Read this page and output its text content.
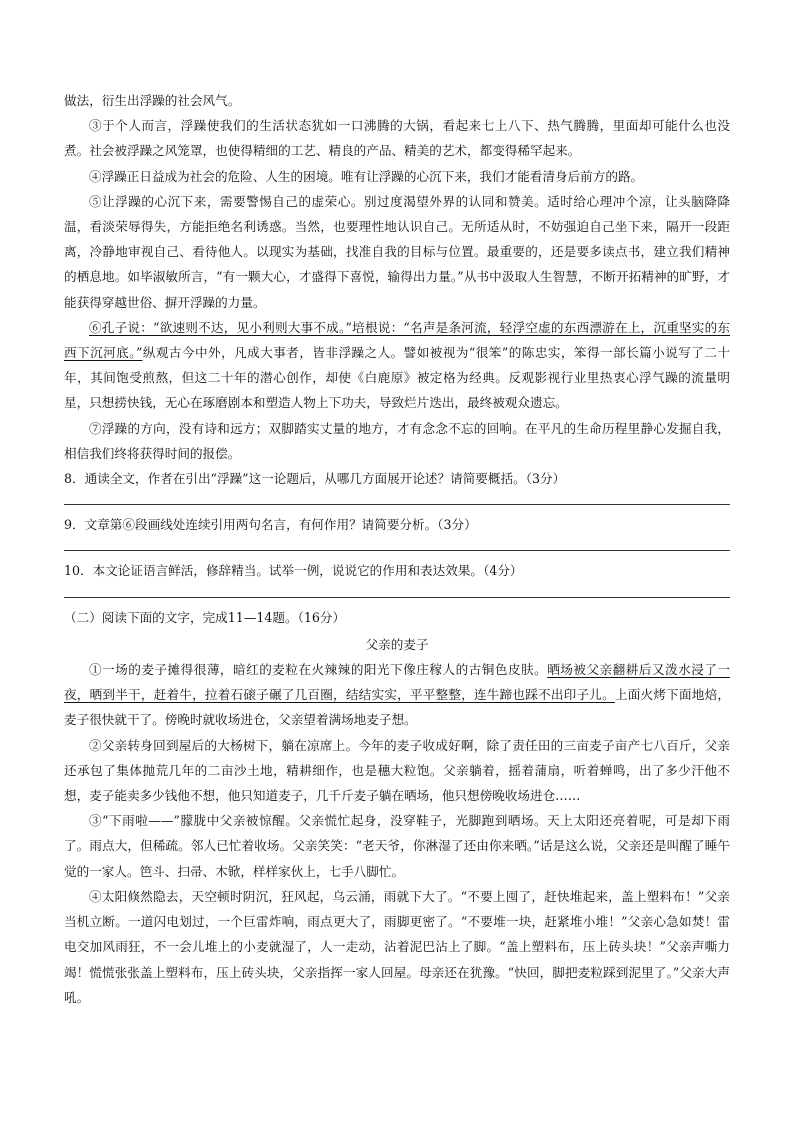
做法，衍生出浮躁的社会风气。

③于个人而言，浮躁使我们的生活状态犹如一口沸腾的大锅，看起来七上八下、热气腾腾，里面却可能什么也没煮。社会被浮躁之风笼罩，也使得精细的工艺、精良的产品、精美的艺术，都变得稀罕起来。

④浮躁正日益成为社会的危险、人生的困境。唯有让浮躁的心沉下来，我们才能看清身后前方的路。

⑤让浮躁的心沉下来，需要警惕自己的虚荣心。别过度渴望外界的认同和赞美。适时给心理冲个凉，让头脑降降温，看淡荣辱得失，方能拒绝名利诱惑。当然，也要理性地认识自己。无所适从时，不妨强迫自己坐下来，隔开一段距离，冷静地审视自己、看待他人。以现实为基础，找准自我的目标与位置。最重要的，还是要多读点书，建立我们精神的栖息地。如毕淑敏所言，“有一颗大心，才盛得下喜悦，输得出力量。”从书中汲取人生智慧，不断开拓精神的旷野，才能获得穿越世俗、摒开浮躁的力量。

⑥孔子说：“欲速则不达，见小利则大事不成。”培根说：“名声是条河流，轻浮空虚的东西漂游在上，沉重坚实的东西下沉河底。”纵观古今中外，凡成大事者，皆非浮躁之人。譬如被视为“很笨”的陈忠实，笨得一部长篇小说写了二十年，其间饱受煎熬，但这二十年的潜心创作，却使《白鹿原》被定格为经典。反观影视行业里热衷心浮气躁的流量明星，只想捞快钱，无心在琢磨剧本和塑造人物上下功夫，导致烂片迭出，最终被观众遗忘。

⑦浮躁的方向，没有诗和远方；双脚踏实丈量的地方，才有念念不忘的回响。在平凡的生命历程里静心发掘自我，相信我们终将获得时间的报偿。

8．通读全文，作者在引出“浮躁”这一论题后，从哪几方面展开论述？请简要概括。（3分）

9．文章第⑥段画线处连续引用两句名言，有何作用？请简要分析。（3分）

10．本文论证语言鲜活，修辞精当。试举一例，说说它的作用和表达效果。（4分）

（二）阅读下面的文字，完成11—14题。（16分）

父亲的麦子

①一场的麦子摊得很薄，暗红的麦粒在火辣辣的阳光下像庄稼人的古铜色皮肤。晒场被父亲翻耕后又泼水浸了一夜，晒到半干，赶着牛，拉着石磙子碾了几百圈，结结实实，平平整整，连牛蹄也踩不出印子儿。上面火烤下面地焙，麦子很快就干了。傍晚时就收场进仓，父亲望着满场地麦子想。

②父亲转身回到屋后的大杨树下，躺在凉席上。今年的麦子收成好啊，除了责任田的三亩麦子亩产七八百斤，父亲还承包了集体抛荒几年的二亩沙土地，精耕细作，也是穗大粒饱。父亲躺着，摇着蒲扇，听着蝉鸣，出了多少汗他不想，麦子能卖多少钱他不想，他只知道麦子，几千斤麦子躺在晒场，他只想傍晚收场进仓……

③“下雨啦——”朦胧中父亲被惊醒。父亲慌忙起身，没穿鞋子，光脚跑到晒场。天上太阳还亮着呢，可是却下雨了。雨点大，但稀疏。邻人已忙着收场。父亲笑笑：“老天爷，你淋湿了还由你来晒。”话是这么说，父亲还是叫醒了睡午觉的一家人。笆斗、扫帚、木锨，样样家伙上，七手八脚忙。

④太阳倏然隐去，天空顿时阴沉，狂风起，乌云涌，雨就下大了。“不要上囤了，赶快堆起来，盖上塑料布！”父亲当机立断。一道闪电划过，一个巨雷炸响，雨点更大了，雨脚更密了。“不要堆一块，赶紧堆小堆！”父亲心急如焚！雷电交加风雨狂，不一会儿堆上的小麦就湿了，人一走动，沾着泥巴沾上了脚。“盖上塑料布，压上砖头块！”父亲声嘶力竭！慌慌张张盖上塑料布，压上砖头块，父亲指挥一家人回屋。母亲还在犹豫。“快回，脚把麦粒踩到泥里了。”父亲大声吼。
